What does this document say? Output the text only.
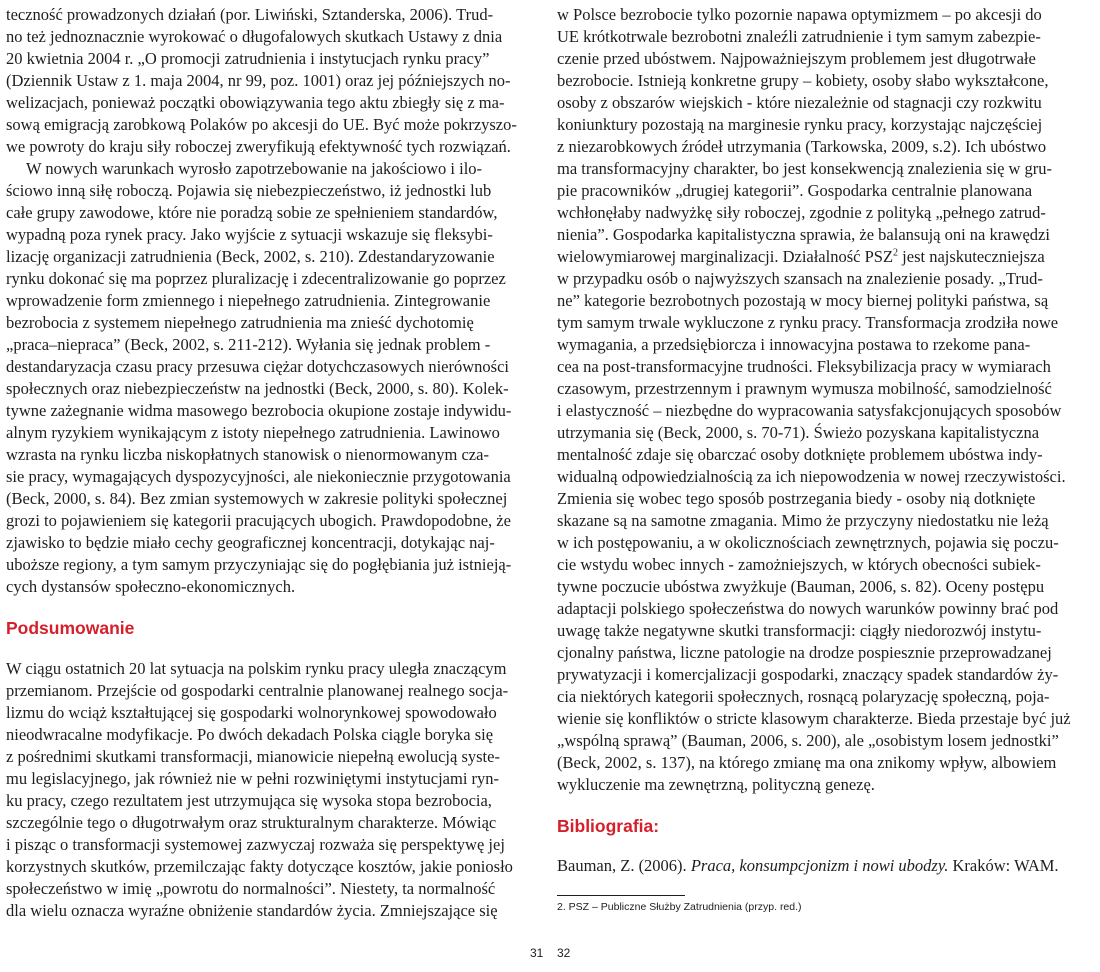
teczność prowadzonych działań (por. Liwiński, Sztanderska, 2006). Trud-
no też jednoznacznie wyrokować o długofalowych skutkach Ustawy z dnia
20 kwietnia 2004 r. „O promocji zatrudnienia i instytucjach rynku pracy”
(Dziennik Ustaw z 1. maja 2004, nr 99, poz. 1001) oraz jej późniejszych no-
welizacjach, ponieważ początki obowiązywania tego aktu zbiegły się z ma-
sową emigracją zarobkową Polaków po akcesji do UE. Być może pokrzyszo-
we powroty do kraju siły roboczej zweryfikują efektywność tych rozwiązań.
W nowych warunkach wyrosło zapotrzebowanie na jakościowo i ilo-
ściowo inną siłę roboczą. Pojawia się niebezpieczeństwo, iż jednostki lub
całe grupy zawodowe, które nie poradzą sobie ze spełnieniem standardów,
wypadną poza rynek pracy. Jako wyjście z sytuacji wskazuje się fleksybi-
lizację organizacji zatrudnienia (Beck, 2002, s. 210). Zdestandaryzowanie
rynku dokonać się ma poprzez pluralizację i zdecentralizowanie go poprzez
wprowadzenie form zmiennego i niepełnego zatrudnienia. Zintegrowanie
bezrobocia z systemem niepełnego zatrudnienia ma znieść dychotomię
„praca–niepraca” (Beck, 2002, s. 211-212). Wyłania się jednak problem -
destandaryzacja czasu pracy przesuwa ciężar dotychczasowych nierówności
społecznych oraz niebezpieczeństw na jednostki (Beck, 2000, s. 80). Kolek-
tywne zażegnanie widma masowego bezrobocia okupione zostaje indywidu-
alnym ryzykiem wynikającym z istoty niepełnego zatrudnienia. Lawinowo
wzrasta na rynku liczba niskopłatnych stanowisk o nienormowanym cza-
sie pracy, wymagających dyspozycyjności, ale niekoniecznie przygotowania
(Beck, 2000, s. 84). Bez zmian systemowych w zakresie polityki społecznej
grozi to pojawieniem się kategorii pracujących ubogich. Prawdopodobne, że
zjawisko to będzie miało cechy geograficznej koncentracji, dotykając naj-
uboższe regiony, a tym samym przyczyniając się do pogłębiania już istnieją-
cych dystansów społeczno-ekonomicznych.
Podsumowanie
W ciągu ostatnich 20 lat sytuacja na polskim rynku pracy uległa znaczącym
przemianom. Przejście od gospodarki centralnie planowanej realnego socja-
lizmu do wciąż kształtującej się gospodarki wolnorynkowej spowodowało
nieodwracalne modyfikacje. Po dwóch dekadach Polska ciągle boryka się
z pośrednimi skutkami transformacji, mianowicie niepełną ewolucją syste-
mu legislacyjnego, jak również nie w pełni rozwiniętymi instytucjami ryn-
ku pracy, czego rezultatem jest utrzymująca się wysoka stopa bezrobocia,
szczególnie tego o długotrwałym oraz strukturalnym charakterze. Mówiąc
i pisząc o transformacji systemowej zazwyczaj rozważa się perspektywę jej
korzystnych skutków, przemilczając fakty dotyczące kosztów, jakie poniosło
społeczeństwo w imię „powrotu do normalności”. Niestety, ta normalność
dla wielu oznacza wyraźne obniżenie standardów życia. Zmniejszające się
w Polsce bezrobocie tylko pozornie napawa optymizmem – po akcesji do
UE krótkotrwale bezrobotni znaleźli zatrudnienie i tym samym zabezpie-
czenie przed ubóstwem. Najpoważniejszym problemem jest długotrwałe
bezrobocie. Istnieją konkretne grupy – kobiety, osoby słabo wykształcone,
osoby z obszarów wiejskich - które niezależnie od stagnacji czy rozkwitu
koniunktury pozostają na marginesie rynku pracy, korzystając najczęściej
z niezarobkowych źródeł utrzymania (Tarkowska, 2009, s.2). Ich ubóstwo
ma transformacyjny charakter, bo jest konsekwencją znalezienia się w gru-
pie pracowników „drugiej kategorii”. Gospodarka centralnie planowana
wchłonęłaby nadwyżkę siły roboczej, zgodnie z polityką „pełnego zatrud-
nienia”. Gospodarka kapitalistyczna sprawia, że balansują oni na krawędzi
wielowymiarowej marginalizacji. Działalność PSZ$^2$ jest najskuteczniejsza
w przypadku osób o najwyższych szansach na znalezienie posady. „Trud-
ne” kategorie bezrobotnych pozostają w mocy biernej polityki państwa, są
tym samym trwale wykluczone z rynku pracy. Transformacja zrodziła nowe
wymagania, a przedsiębiorcza i innowacyjna postawa to rzekome pana-
cea na post-transformacyjne trudności. Fleksybilizacja pracy w wymiarach
czasowym, przestrzennym i prawnym wymusza mobilność, samodzielność
i elastyczność – niezbędne do wypracowania satysfakcjonujących sposobów
utrzymania się (Beck, 2000, s. 70-71). Świeżo pozyskana kapitalistyczna
mentalność zdaje się obarczać osoby dotknięte problemem ubóstwa indy-
widualną odpowiedzialnością za ich niepowodzenia w nowej rzeczywistości.
Zmienia się wobec tego sposób postrzegania biedy - osoby nią dotknięte
skazane są na samotne zmagania. Mimo że przyczyny niedostatku nie leżą
w ich postępowaniu, a w okolicznościach zewnętrznych, pojawia się poczu-
cie wstydu wobec innych - zamożniejszych, w których obecności subiek-
tywne poczucie ubóstwa zwyżkuje (Bauman, 2006, s. 82). Oceny postępu
adaptacji polskiego społeczeństwa do nowych warunków powinny brać pod
uwagę także negatywne skutki transformacji: ciągły niedorozwój instytu-
cjonalny państwa, liczne patologie na drodze pospiesznie przeprowadzanej
prywatyzacji i komercjalizacji gospodarki, znaczący spadek standardów ży-
cia niektórych kategorii społecznych, rosnącą polaryzację społeczną, poja-
wienie się konfliktów o stricte klasowym charakterze. Bieda przestaje być już
„wspólną sprawą” (Bauman, 2006, s. 200), ale „osobistym losem jednostki”
(Beck, 2002, s. 137), na którego zmianę ma ona znikomy wpływ, albowiem
wykluczenie ma zewnętrzną, polityczną genezę.
Bibliografia:
Bauman, Z. (2006). Praca, konsumpcjonizm i nowi ubodzy. Kraków: WAM.
2. PSZ – Publiczne Służby Zatrudnienia (przyp. red.)
31 32
